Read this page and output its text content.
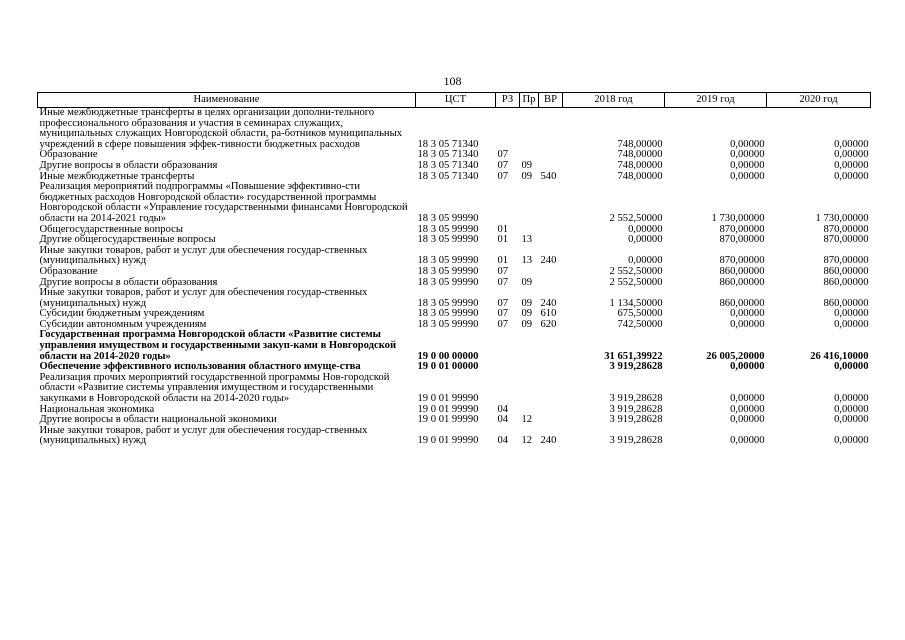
108
Наименование	ЦСТ	РЗ	Пр	ВР	2018 год	2019 год	2020 год
Иные межбюджетные трансферты в целях организации дополни-тельного профессионального образования и участия в семинарах служащих, муниципальных служащих Новгородской области, ра-ботников муниципальных учреждений в сфере повышения эффек-тивности бюджетных расходов	18 3 05 71340				748,00000	0,00000	0,00000
Образование	18 3 05 71340	07			748,00000	0,00000	0,00000
Другие вопросы в области образования	18 3 05 71340	07	09		748,00000	0,00000	0,00000
Иные межбюджетные трансферты	18 3 05 71340	07	09	540	748,00000	0,00000	0,00000
Реализация мероприятий подпрограммы «Повышение эффективно-сти бюджетных расходов Новгородской области» государственной программы Новгородской области «Управление государственными финансами Новгородской области на 2014-2021 годы»	18 3 05 99990				2 552,50000	1 730,00000	1 730,00000
Общегосударственные вопросы	18 3 05 99990	01			0,00000	870,00000	870,00000
Другие общегосударственные вопросы	18 3 05 99990	01	13		0,00000	870,00000	870,00000
Иные закупки товаров, работ и услуг для обеспечения государ-ственных (муниципальных) нужд	18 3 05 99990	01	13	240	0,00000	870,00000	870,00000
Образование	18 3 05 99990	07			2 552,50000	860,00000	860,00000
Другие вопросы в области образования	18 3 05 99990	07	09		2 552,50000	860,00000	860,00000
Иные закупки товаров, работ и услуг для обеспечения государ-ственных (муниципальных) нужд	18 3 05 99990	07	09	240	1 134,50000	860,00000	860,00000
Субсидии бюджетным учреждениям	18 3 05 99990	07	09	610	675,50000	0,00000	0,00000
Субсидии автономным учреждениям	18 3 05 99990	07	09	620	742,50000	0,00000	0,00000
Государственная программа Новгородской области «Развитие системы управления имуществом и государственными закуп-ками в Новгородской области на 2014-2020 годы»	19 0 00 00000				31 651,39922	26 005,20000	26 416,10000
Обеспечение эффективного использования областного имуще-ства	19 0 01 00000				3 919,28628	0,00000	0,00000
Реализация прочих мероприятий государственной программы Нов-городской области «Развитие системы управления имуществом и государственными закупками в Новгородской области на 2014-2020 годы»	19 0 01 99990				3 919,28628	0,00000	0,00000
Национальная экономика	19 0 01 99990	04			3 919,28628	0,00000	0,00000
Другие вопросы в области национальной экономики	19 0 01 99990	04	12		3 919,28628	0,00000	0,00000
Иные закупки товаров, работ и услуг для обеспечения государ-ственных (муниципальных) нужд	19 0 01 99990	04	12	240	3 919,28628	0,00000	0,00000
